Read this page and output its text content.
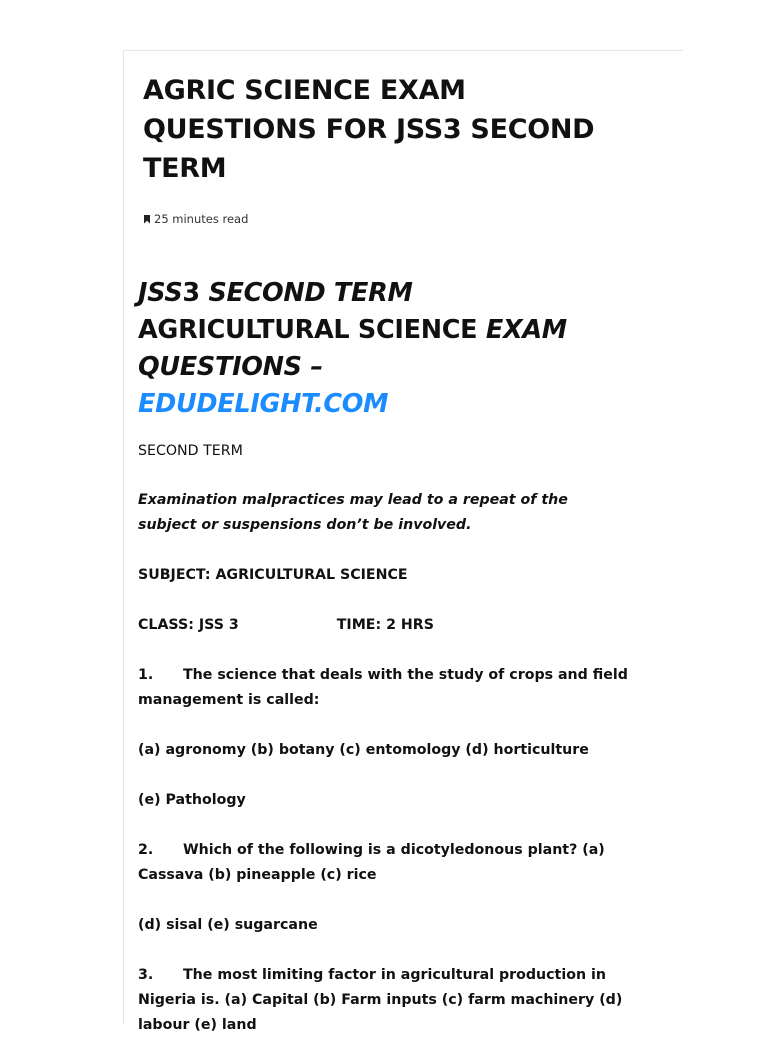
AGRIC SCIENCE EXAM QUESTIONS FOR JSS3 SECOND TERM
25 minutes read
JSS3 SECOND TERM AGRICULTURAL SCIENCE EXAM QUESTIONS –
EDUDELIGHT.COM

SECOND TERM

Examination malpractices may lead to a repeat of the subject or suspensions don’t be involved.

SUBJECT: AGRICULTURAL SCIENCE

CLASS: JSS 3	TIME: 2 HRS

1. The science that deals with the study of crops and field management is called:

(a) agronomy (b) botany (c) entomology (d) horticulture

(e) Pathology

2. Which of the following is a dicotyledonous plant? (a) Cassava (b) pineapple (c) rice

(d) sisal (e) sugarcane

3. The most limiting factor in agricultural production in Nigeria is. (a) Capital (b) Farm inputs (c) farm machinery (d) labour (e) land
